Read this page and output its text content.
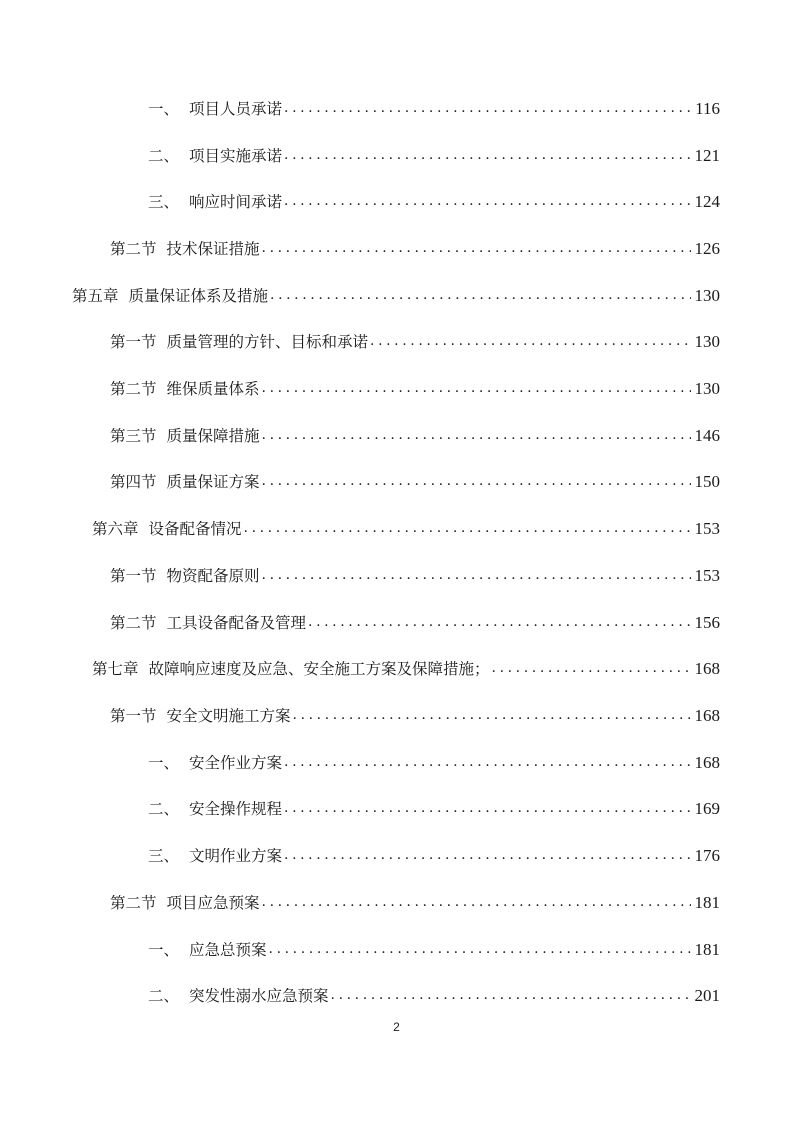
一、 项目人员承诺 .....	116
二、 项目实施承诺 .....	121
三、 响应时间承诺 .....	124
第二节 技术保证措施 .....	126
第五章 质量保证体系及措施 .....	130
第一节 质量管理的方针、目标和承诺 .....	130
第二节 维保质量体系 .....	130
第三节 质量保障措施 .....	146
第四节 质量保证方案 .....	150
第六章 设备配备情况 .....	153
第一节 物资配备原则 .....	153
第二节 工具设备配备及管理 .....	156
第七章 故障响应速度及应急、安全施工方案及保障措施； .....	168
第一节 安全文明施工方案 .....	168
一、 安全作业方案 .....	168
二、 安全操作规程 .....	169
三、 文明作业方案 .....	176
第二节 项目应急预案 .....	181
一、 应急总预案 .....	181
二、 突发性溺水应急预案 .....	201
2
